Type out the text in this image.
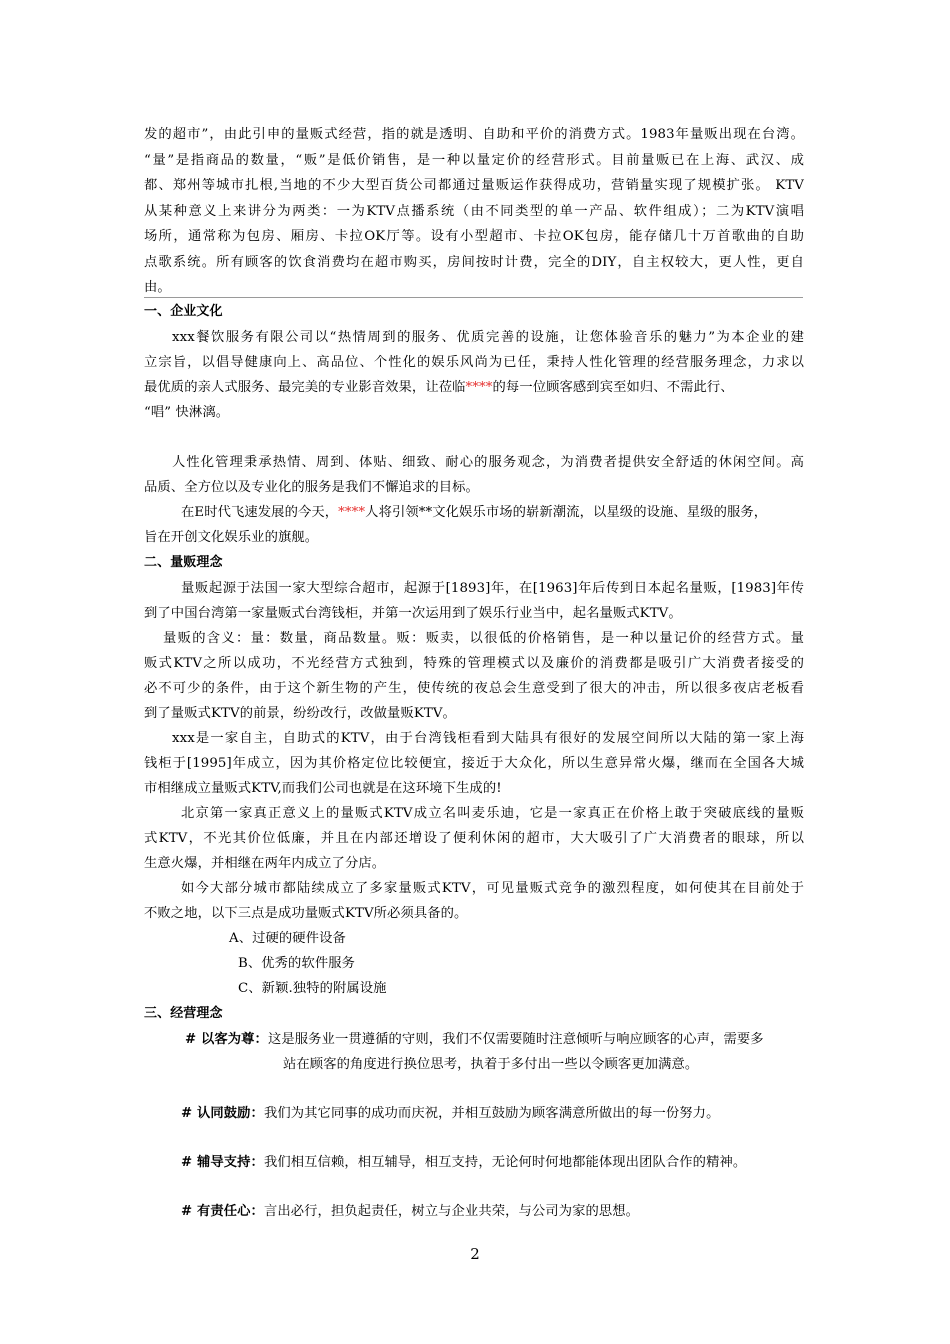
发的超市”，由此引申的量贩式经营，指的就是透明、自助和平价的消费方式。1983年量贩出现在台湾。
“量”是指商品的数量，“贩”是低价销售，是一种以量定价的经营形式。目前量贩已在上海、武汉、成
都、郑州等城市扎根,当地的不少大型百货公司都通过量贩运作获得成功，营销量实现了规模扩张。 KTV
从某种意义上来讲分为两类：一为KTV点播系统（由不同类型的单一产品、软件组成）；二为KTV演唱
场所，通常称为包房、厢房、卡拉OK厅等。设有小型超市、卡拉OK包房，能存储几十万首歌曲的自助
点歌系统。所有顾客的饮食消费均在超市购买，房间按时计费，完全的DIY，自主权较大，更人性，更自
由。
一、企业文化
xxx餐饮服务有限公司以“热情周到的服务、优质完善的设施，让您体验音乐的魅力”为本企业的建
立宗旨，以倡导健康向上、高品位、个性化的娱乐风尚为已任，秉持人性化管理的经营服务理念，力求以
最优质的亲人式服务、最完美的专业影音效果，让莅临****的每一位顾客感到宾至如归、不需此行、
“唱” 快淋漓。
人性化管理秉承热情、周到、体贴、细致、耐心的服务观念，为消费者提供安全舒适的休闲空间。高
品质、全方位以及专业化的服务是我们不懈追求的目标。
在E时代飞速发展的今天，****人将引领**文化娱乐市场的崭新潮流，以星级的设施、星级的服务，
旨在开创文化娱乐业的旗舰。
二、量贩理念
量贩起源于法国一家大型综合超市，起源于[1893]年，在[1963]年后传到日本起名量贩，[1983]年传
到了中国台湾第一家量贩式台湾钱柜，并第一次运用到了娱乐行业当中，起名量贩式KTV。
量贩的含义：量：数量，商品数量。贩：贩卖，以很低的价格销售，是一种以量记价的经营方式。量
贩式KTV之所以成功，不光经营方式独到，特殊的管理模式以及廉价的消费都是吸引广大消费者接受的
必不可少的条件，由于这个新生物的产生，使传统的夜总会生意受到了很大的冲击，所以很多夜店老板看
到了量贩式KTV的前景，纷纷改行，改做量贩KTV。
xxx是一家自主，自助式的KTV，由于台湾钱柜看到大陆具有很好的发展空间所以大陆的第一家上海
钱柜于[1995]年成立，因为其价格定位比较便宜，接近于大众化，所以生意异常火爆，继而在全国各大城
市相继成立量贩式KTV,而我们公司也就是在这环境下生成的!
北京第一家真正意义上的量贩式KTV成立名叫麦乐迪，它是一家真正在价格上敢于突破底线的量贩
式KTV，不光其价位低廉，并且在内部还增设了便利休闲的超市，大大吸引了广大消费者的眼球，所以
生意火爆，并相继在两年内成立了分店。
如今大部分城市都陆续成立了多家量贩式KTV，可见量贩式竞争的激烈程度，如何使其在目前处于
不败之地，以下三点是成功量贩式KTV所必须具备的。
A、过硬的硬件设备
B、优秀的软件服务
C、新颖.独特的附属设施
三、经营理念
# 以客为尊：这是服务业一贯遵循的守则，我们不仅需要随时注意倾听与响应顾客的心声，需要多
站在顾客的角度进行换位思考，执着于多付出一些以令顾客更加满意。
# 认同鼓励：我们为其它同事的成功而庆祝，并相互鼓励为顾客满意所做出的每一份努力。
# 辅导支持：我们相互信赖，相互辅导，相互支持，无论何时何地都能体现出团队合作的精神。
# 有责任心：言出必行，担负起责任，树立与企业共荣，与公司为家的思想。
2
